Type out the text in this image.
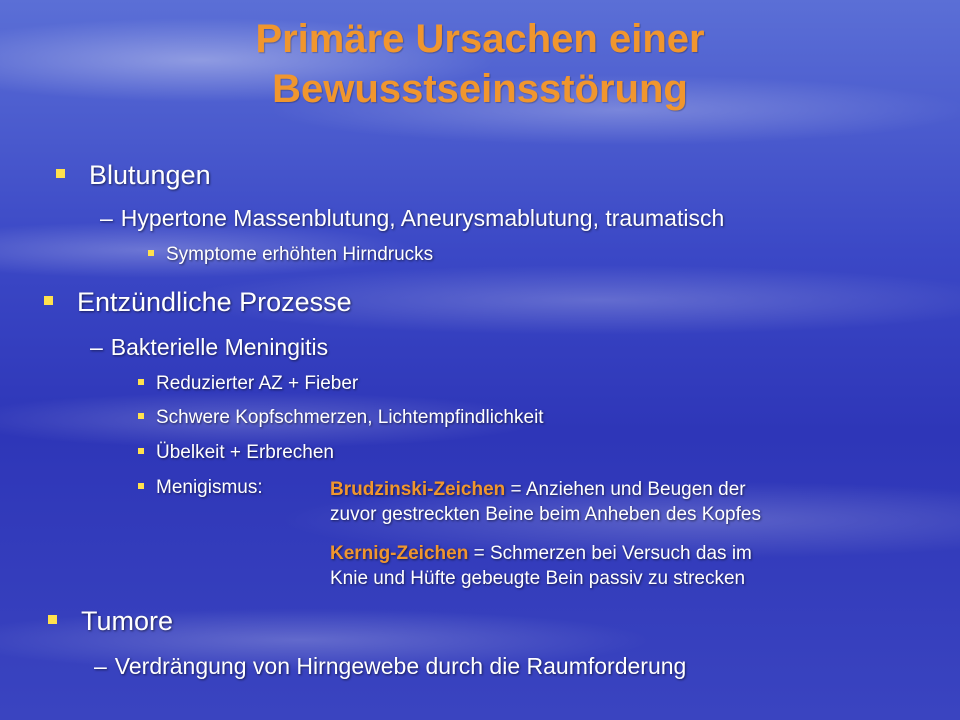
Primäre Ursachen einer
Bewusstseinsstörung
Blutungen
– Hypertone Massenblutung, Aneurysmablutung, traumatisch
Symptome erhöhten Hirndrucks
Entzündliche Prozesse
– Bakterielle Meningitis
Reduzierter AZ + Fieber
Schwere Kopfschmerzen, Lichtempfindlichkeit
Übelkeit + Erbrechen
Menigismus:	Brudzinski-Zeichen = Anziehen und Beugen der
zuvor gestreckten Beine beim Anheben des Kopfes
Kernig-Zeichen = Schmerzen bei Versuch das im
Knie und Hüfte gebeugte Bein passiv zu strecken
Tumore
– Verdrängung von Hirngewebe durch die Raumforderung
